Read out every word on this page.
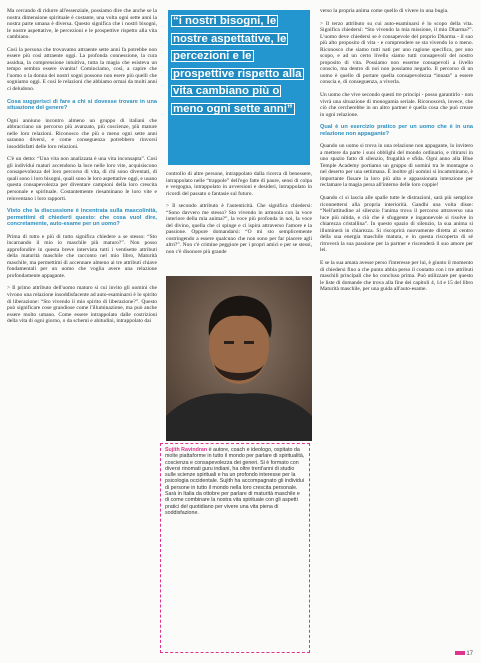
Ma cercando di ridurre all'essenziale, possiamo dire che anche se la nostra dimensione spirituale è costante, una volta ogni sette anni la nostra parte umana è diversa. Questo significa che i nostri bisogni, le nostre aspettative, le percezioni e le prospettive rispetto alla vita cambiano.

Così la persona che trovavamo attraente sette anni fa potrebbe non essere più così attraente oggi. La profonda connessione, la cura assidua, la comprensione intuitiva, tutta la magia che esisteva un tempo sembra essere svanita! Cominciamo, così, a capire che l'uomo o la donna dei nostri sogni possono non esere più quelli che sogniamo oggi. E così le relazioni che abbiamo ormai da molti anni ci deludono.

Cosa suggerisci di fare a chi si dovesse trovare in una situazione del genere?

Ogni anniuno incontro almeno un gruppo di italiani che abbracciano un percorso più avanzato, più coscienze, più mature nelle loro relazioni. Riconosco che più o meno ogni sette anni saranno diversi, e come conseguenza potrebbero rinvorsi insoddisfatti delle loro relazioni.

C'è un detto: “Una vita non analizzata è una vita inconsapta”. Così gli individui maturi accendono la luce nelle loro vite, acquisiscono consapevolezza del loro percorso di vita, di chi sono diventati, di quali sono i loro bisogni, quali sono le loro aspettative oggi, e usano questa consapevolezza per diventare campioni della loro crescita personale e spirituale. Costantemente riesaminano le loro vite e reinventano i loro rapporti.

Visto che la discussione è incentrata sulla mascolinità, permettimi di chiederti questo: che cosa vuol dire, concretamente, auto-esame per un uomo?

Prima di tutto e più di tutto significa chiedere a se stesso: “Sto incarnando il mio io maschile più maturo?”. Non posso approfondire in questa breve intervista tutti i ventisette attributi della maturità maschile che racconto nel mio libro, Maturità maschile, ma permettimi di accennare almeno ai tre attributi chiave fondamentali per un uomo che voglia avere una relazione profondamente appagante.

> Il primo attributo dell'uomo maturo si cui invito gli uomini che vivono una relazione insoddisfacente ad auto-esaminarsi è lo spirito di liberazione: “Sto vivendo il mio spirito di liberazione?”. Questo può significare cose grandiose come l'illuminazione, ma può anche essere molto umano. Come essere intrappolato dalle costrizioni della vita di ogni giorno, o da schemi e abitudini, intrappolato dai

“i nostri bisogni, le
nostre aspettative, le
percezioni e le
prospettive rispetto alla
vita cambiano più o
meno ogni sette anni”

controllo di altre persone, intrappolato dalla ricerca di benessere, intrappolato nelle “trappole” dell'ego fatte di paure, sensi di colpa e vergogna, intrappolato in avversioni e desideri, intrappolato in ricordi del passato o fantasie sul futuro.

> Il secondo attributo è l'autenticità. Che significa chiedersi: “Sono davvero me stesso? Sto vivendo in armonia con la voce interiore della mia anima?”, la voce più profonda in noi, la voce del divino, quella che ci spinge e ci ispira attraverso l'amore e la passione. Oppure domandarsi: “O mi sto semplicemente costringendo a essere qualcuno che non sono per far piacere agli altri?”. Non c'è crimine peggiore per i propri amici e per se stessi, non c'è disonore più grande

Sujith Ravindran è autore, coach e ideologo, ospitato da molte piattaforme in tutto il mondo per parlare di spiritualità, coscienza e consapevolezza dei generi. Si è formato con diversi rinomati guru indiani, ha oltre trent'anni di studio sulle scienze spirituali e ha un profondo interesse per la psicologia occidentale. Sujith ha accompagnato gli individui di persone in tutto il mondo nella loro crescita personale. Sarà in Italia da ottobre per parlare di maturità maschile e di come combinare la nostra vita spirituale con gli aspetti pratici del quotidiano per vivere una vita piena di soddisfazione.

verso la propria anima come quello di vivere in una bugia.

> Il terzo attributo su cui auto-esaminarsi è lo scopo della vita. Significa chiedersi: “Sto vivendo la mia missione, il mio Dharma?”. L'uomo deve chiedersi se è consapevole del proprio Dharma - il suo più alto proposito di vita - e comprendere se sta vivendo lo o meno. Riconosco che siamo tutti nati per uno ragione specifica, per uno scopo, e ad un certo livello siamo tutti consapevoli del nostro proposito di vita. Possiamo non esserne consapevoli a livello conscio, ma dentro di noi non possiamo negarlo. Il percorso di un uomo è quello di portare quella consapevolezza “innata” a essere conscia e, di conseguenza, a viverla.

Un uomo che vive secondo questi tre principi - posso garantirlo - non vivrà una situazione di monogamia seriale. Riconoscerà, invece, che ciò che cercherebbe in un altro partner è quella cosa che può creare in ogni relazione.

Qual è un esercizio pratico per un uomo che è in una relazione non appagante?

Quando un uomo si trova in una relazione non appagante, lo invitero a mettere da parte i suoi obblighi del mondo ordinario, e ritirarsi in uno spazio fatto di silenzio, frugalità e sfida. Ogni anno alla Blue Temple Academy portiamo un gruppo di uomini tra le montagne o nel deserto per una settimana. È inoltre gli uomini si incamminano, è importante fissare la loro più alta e appassionata intenzione per reclamare la magia persa all'interno delle loro coppie!

Quando ci si lascia alle spalle tutte le distrazioni, sarà più semplice riconnettersi alla propria interiorità. Gandhi una volta disse: “Nell'attitudine al silenzio l'anima trova il percorso attraverso una luce più nitida, e ciò che è sfuggente e ingannevole si risolve in chiarezza cristallina”. In questo spazio di silenzio, la sua anima si illuminerà in chiarezza. Si riscoprirà nuovamente diretta al centro della sua energia maschile matura, e in questa riscoperta di sé ritroverà la sua passione per la partner e riscenderà il suo amore per lei.

E se la sua amata avesse perso l'interesse per lui, è giunto il momento di chiedersi fino a che punto abbia perso il contatto con i tre attributi maschili principali che ho concluso prima. Può utilizzare per questo le liste di domande che trova alla fine dei capitoli 4, 14 e 15 del libro Maturità maschile, per una guida all'auto-esame.

17
